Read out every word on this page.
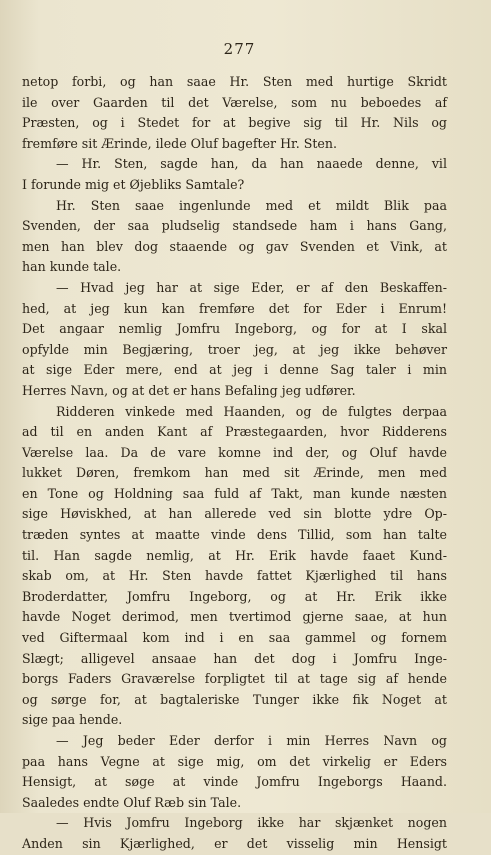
277
netop forbi, og han saae Hr. Sten med hurtige Skridt
ile over Gaarden til det Værelse, som nu beboedes af
Præsten, og i Stedet for at begive sig til Hr. Nils og
fremføre sit Ærinde, ilede Oluf bagefter Hr. Sten.
— Hr. Sten, sagde han, da han naaede denne, vil
I forunde mig et Øjebliks Samtale?
Hr. Sten saae ingenlunde med et mildt Blik paa
Svenden, der saa pludselig standsede ham i hans Gang,
men han blev dog staaende og gav Svenden et Vink, at
han kunde tale.
— Hvad jeg har at sige Eder, er af den Beskaffen-
hed, at jeg kun kan fremføre det for Eder i Enrum!
Det angaar nemlig Jomfru Ingeborg, og for at I skal
opfylde min Begjæring, troer jeg, at jeg ikke behøver
at sige Eder mere, end at jeg i denne Sag taler i min
Herres Navn, og at det er hans Befaling jeg udfører.
Ridderen vinkede med Haanden, og de fulgtes derpaa
ad til en anden Kant af Præstegaarden, hvor Ridderens
Værelse laa. Da de vare komne ind der, og Oluf havde
lukket Døren, fremkom han med sit Ærinde, men med
en Tone og Holdning saa fuld af Takt, man kunde næsten
sige Høviskhed, at han allerede ved sin blotte ydre Op-
træden syntes at maatte vinde dens Tillid, som han talte
til. Han sagde nemlig, at Hr. Erik havde faaet Kund-
skab om, at Hr. Sten havde fattet Kjærlighed til hans
Broderdatter, Jomfru Ingeborg, og at Hr. Erik ikke
havde Noget derimod, men tvertimod gjerne saae, at hun
ved Giftermaal kom ind i en saa gammel og fornem
Slægt; alligevel ansaae han det dog i Jomfru Inge-
borgs Faders Graværelse forpligtet til at tage sig af hende
og sørge for, at bagtaleriske Tunger ikke fik Noget at
sige paa hende.
— Jeg beder Eder derfor i min Herres Navn og
paa hans Vegne at sige mig, om det virkelig er Eders
Hensigt, at søge at vinde Jomfru Ingeborgs Haand.
Saaledes endte Oluf Ræb sin Tale.
— Hvis Jomfru Ingeborg ikke har skjænket nogen
Anden sin Kjærlighed, er det visselig min Hensigt
